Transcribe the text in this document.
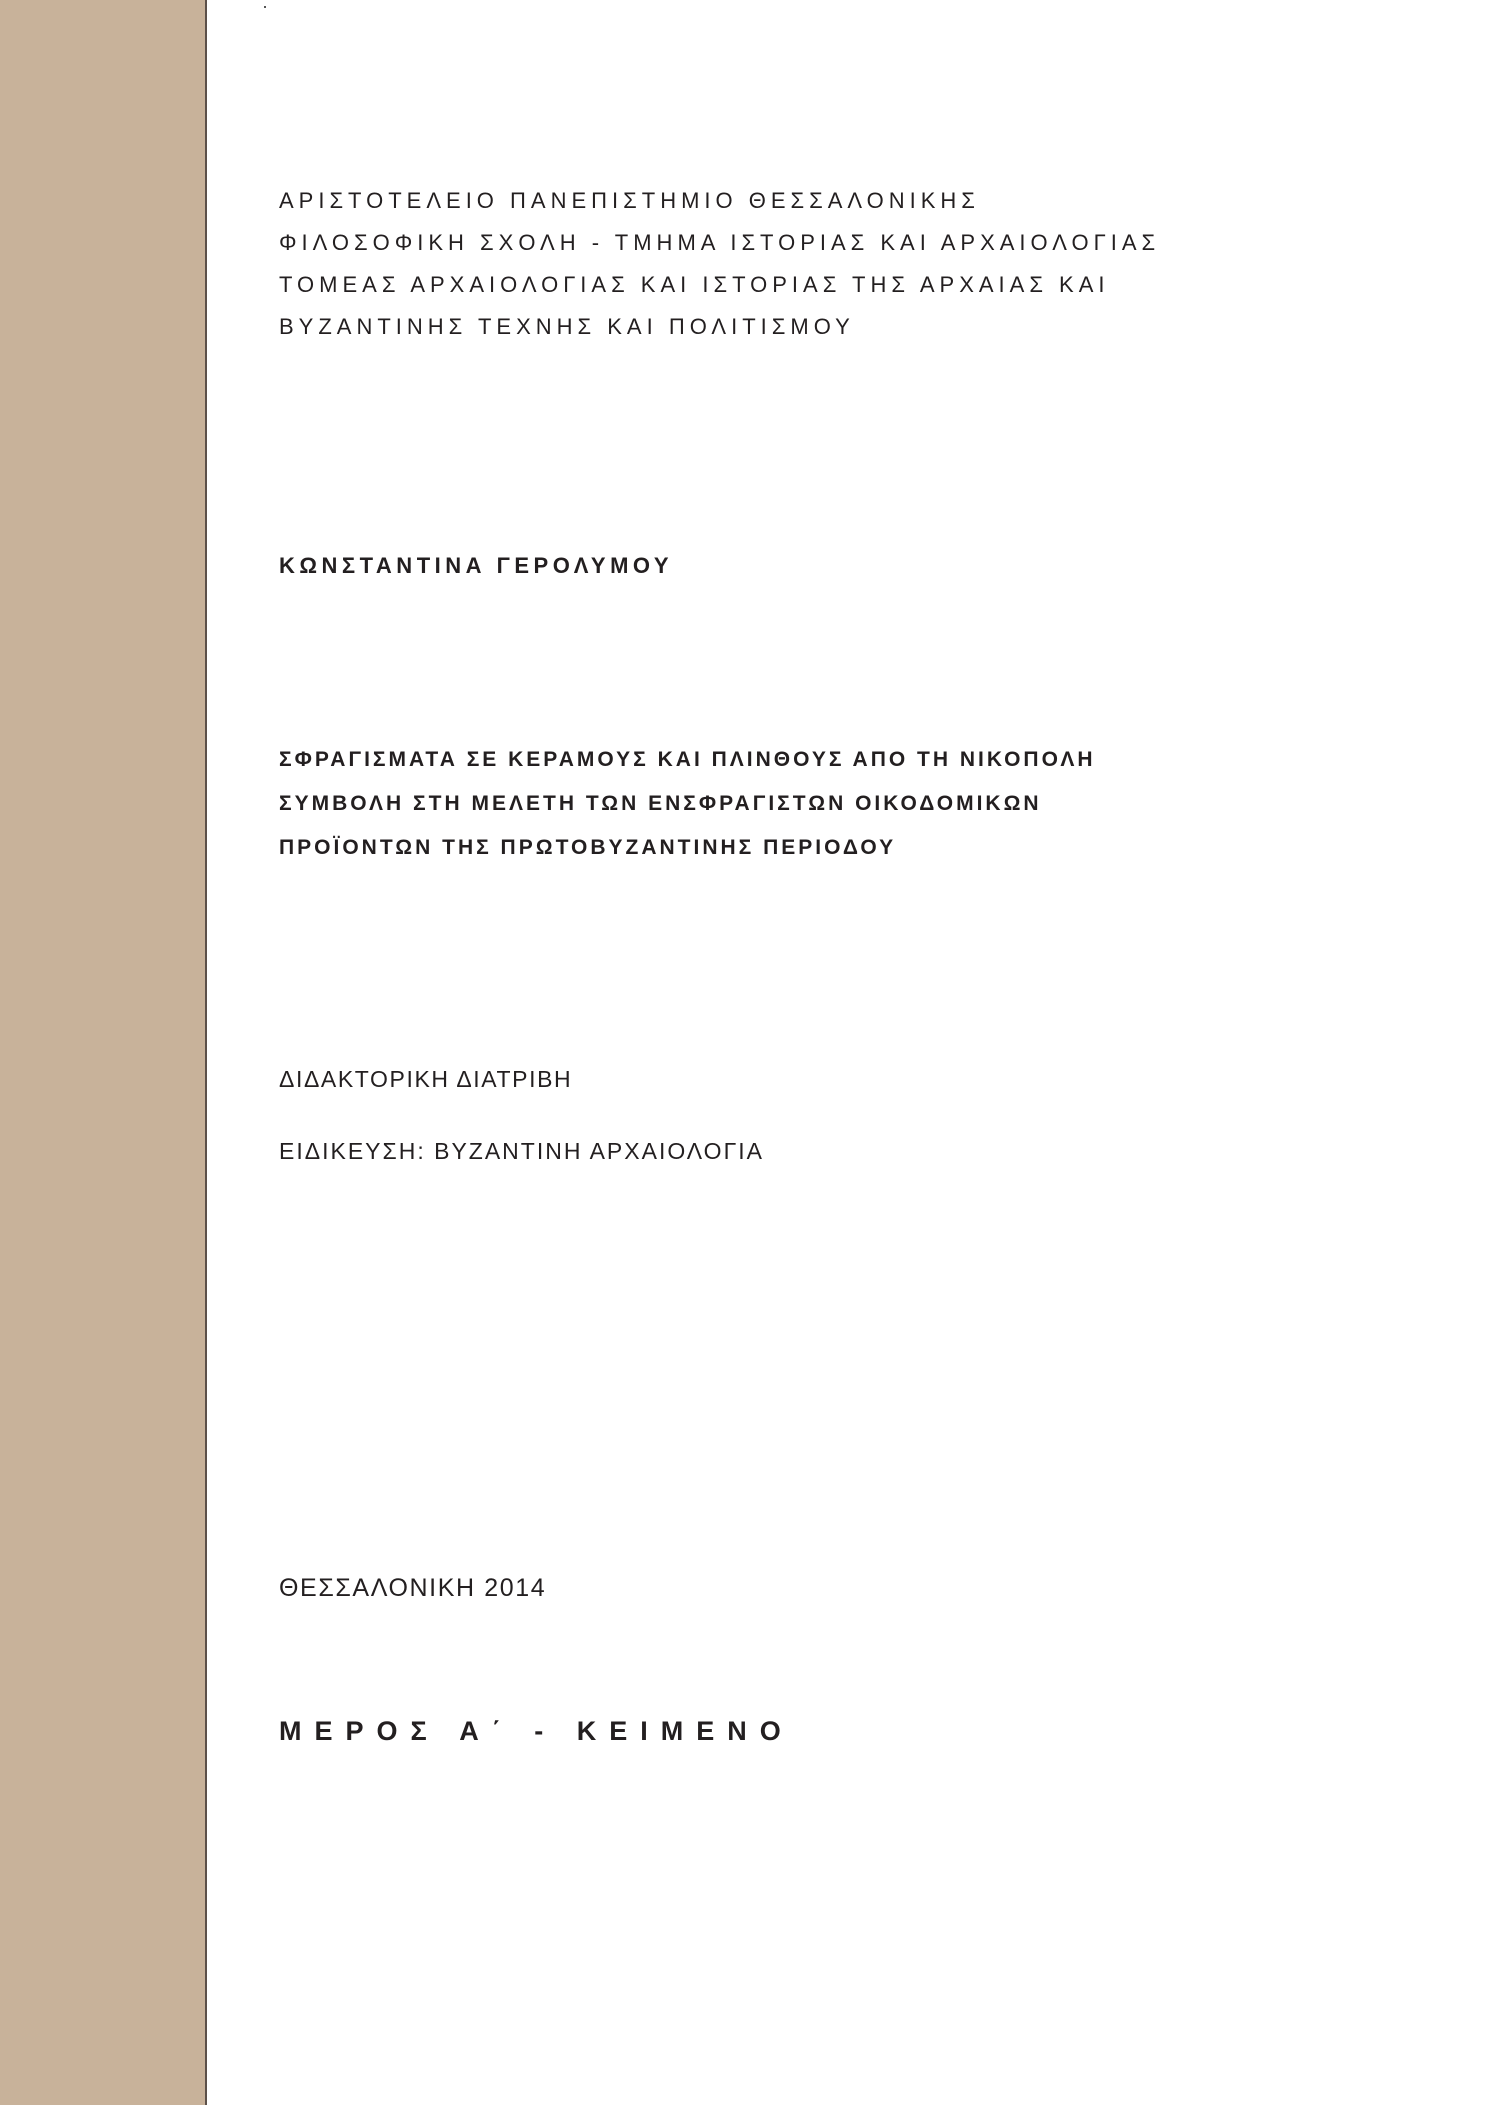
ΑΡΙΣΤΟΤΕΛΕΙΟ ΠΑΝΕΠΙΣΤΗΜΙΟ ΘΕΣΣΑΛΟΝΙΚΗΣ
ΦΙΛΟΣΟΦΙΚΗ ΣΧΟΛΗ - ΤΜΗΜΑ ΙΣΤΟΡΙΑΣ ΚΑΙ ΑΡΧΑΙΟΛΟΓΙΑΣ
ΤΟΜΕΑΣ ΑΡΧΑΙΟΛΟΓΙΑΣ ΚΑΙ ΙΣΤΟΡΙΑΣ ΤΗΣ ΑΡΧΑΙΑΣ ΚΑΙ
ΒΥΖΑΝΤΙΝΗΣ ΤΕΧΝΗΣ ΚΑΙ ΠΟΛΙΤΙΣΜΟΥ
ΚΩΝΣΤΑΝΤΙΝΑ ΓΕΡΟΛΥΜΟΥ
ΣΦΡΑΓΙΣΜΑΤΑ ΣΕ ΚΕΡΑΜΟΥΣ ΚΑΙ ΠΛΙΝΘΟΥΣ ΑΠΟ ΤΗ ΝΙΚΟΠΟΛΗ
ΣΥΜΒΟΛΗ ΣΤΗ ΜΕΛΕΤΗ ΤΩΝ ΕΝΣΦΡΑΓΙΣΤΩΝ ΟΙΚΟΔΟΜΙΚΩΝ
ΠΡΟΪΟΝΤΩΝ ΤΗΣ ΠΡΩΤΟΒΥΖΑΝΤΙΝΗΣ ΠΕΡΙΟΔΟΥ
ΔΙΔΑΚΤΟΡΙΚΗ ΔΙΑΤΡΙΒΗ
ΕΙΔΙΚΕΥΣΗ: ΒΥΖΑΝΤΙΝΗ ΑΡΧΑΙΟΛΟΓΙΑ
ΘΕΣΣΑΛΟΝΙΚΗ 2014
ΜΕΡΟΣ Α΄ - ΚΕΙΜΕΝΟ
